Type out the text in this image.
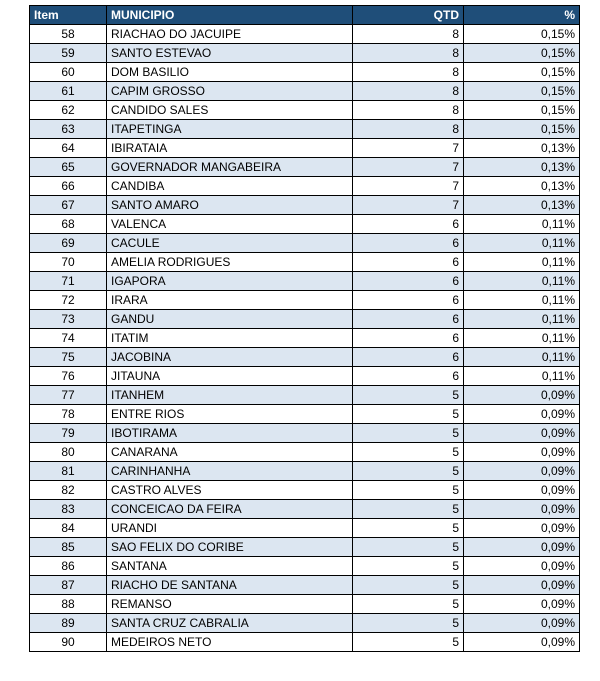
Item	MUNICIPIO	QTD	%
58	RIACHAO DO JACUIPE	8	0,15%
59	SANTO ESTEVAO	8	0,15%
60	DOM BASILIO	8	0,15%
61	CAPIM GROSSO	8	0,15%
62	CANDIDO SALES	8	0,15%
63	ITAPETINGA	8	0,15%
64	IBIRATAIA	7	0,13%
65	GOVERNADOR MANGABEIRA	7	0,13%
66	CANDIBA	7	0,13%
67	SANTO AMARO	7	0,13%
68	VALENCA	6	0,11%
69	CACULE	6	0,11%
70	AMELIA RODRIGUES	6	0,11%
71	IGAPORA	6	0,11%
72	IRARA	6	0,11%
73	GANDU	6	0,11%
74	ITATIM	6	0,11%
75	JACOBINA	6	0,11%
76	JITAUNA	6	0,11%
77	ITANHEM	5	0,09%
78	ENTRE RIOS	5	0,09%
79	IBOTIRAMA	5	0,09%
80	CANARANA	5	0,09%
81	CARINHANHA	5	0,09%
82	CASTRO ALVES	5	0,09%
83	CONCEICAO DA FEIRA	5	0,09%
84	URANDI	5	0,09%
85	SAO FELIX DO CORIBE	5	0,09%
86	SANTANA	5	0,09%
87	RIACHO DE SANTANA	5	0,09%
88	REMANSO	5	0,09%
89	SANTA CRUZ CABRALIA	5	0,09%
90	MEDEIROS NETO	5	0,09%
